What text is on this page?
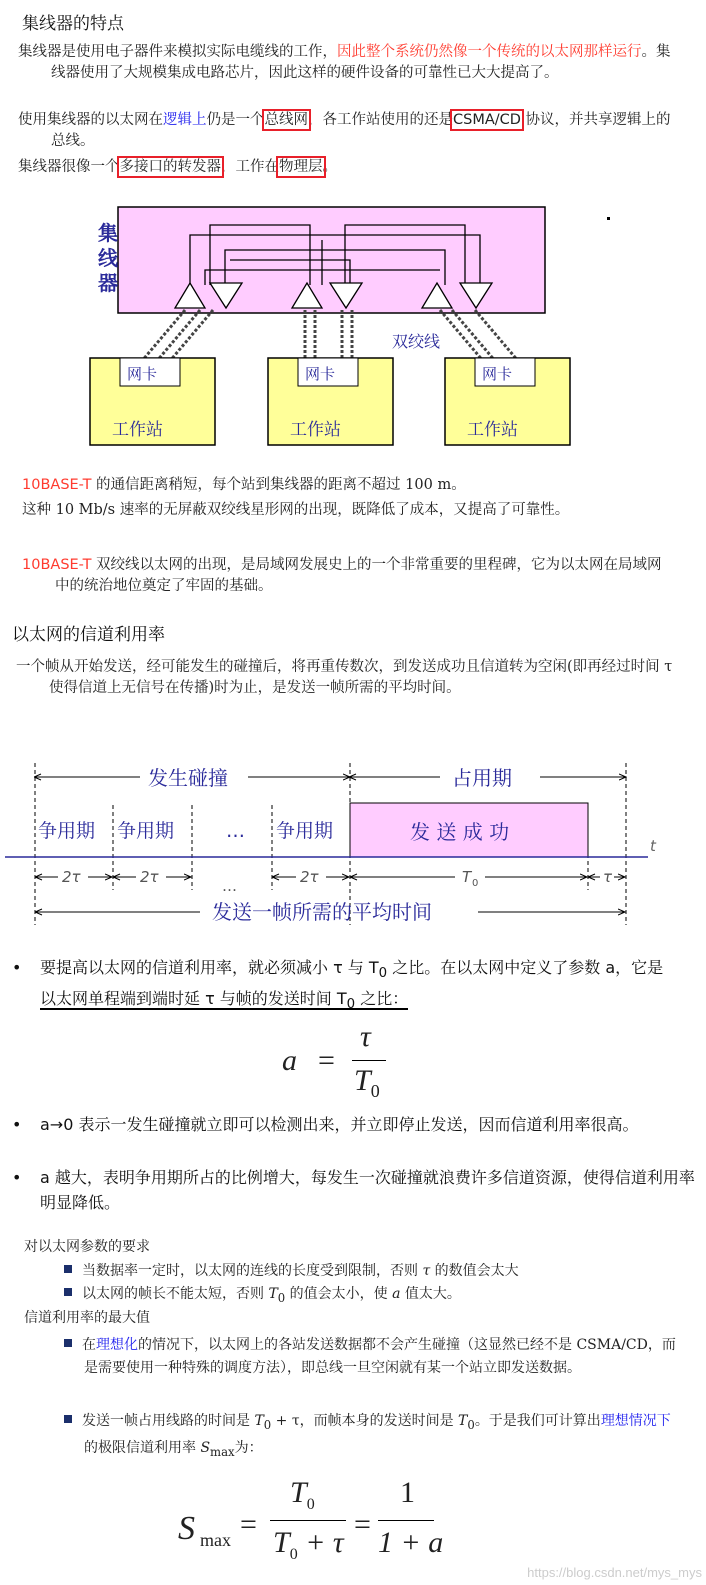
集线器的特点
集线器是使用电子器件来模拟实际电缆线的工作，因此整个系统仍然像一个传统的以太网那样运行。集线器使用了大规模集成电路芯片，因此这样的硬件设备的可靠性已大大提高了。
使用集线器的以太网在逻辑上仍是一个总线网，各工作站使用的还是CSMA/CD 协议，并共享逻辑上的总线。
集线器很像一个多接口的转发器，工作在物理层。
集
线
器
双绞线
网卡
工作站
网卡
工作站
网卡
工作站
10BASE-T 的通信距离稍短，每个站到集线器的距离不超过 100 m。
这种 10 Mb/s 速率的无屏蔽双绞线星形网的出现，既降低了成本，又提高了可靠性。
10BASE-T 双绞线以太网的出现，是局域网发展史上的一个非常重要的里程碑，它为以太网在局域网中的统治地位奠定了牢固的基础。
以太网的信道利用率
一个帧从开始发送，经可能发生的碰撞后，将再重传数次，到发送成功且信道转为空闲(即再经过时间 τ 使得信道上无信号在传播)时为止，是发送一帧所需的平均时间。
发生碰撞	占用期
争用期 争用期	… 争用期	发 送 成 功
t
2τ	2τ	…	2τ	T 0	τ
发送一帧所需的平均时间
• 要提高以太网的信道利用率，就必须减小 τ 与 $T_0$ 之比。在以太网中定义了参数 a，它是以太网单程端到端时延 τ 与帧的发送时间 $T_0$ 之比：
a =
τ
$T_0$
• a→0 表示一发生碰撞就立即可以检测出来，并立即停止发送，因而信道利用率很高。
• a 越大，表明争用期所占的比例增大，每发生一次碰撞就浪费许多信道资源，使得信道利用率明显降低。
对以太网参数的要求
当数据率一定时，以太网的连线的长度受到限制，否则 τ 的数值会太大
以太网的帧长不能太短，否则 $T_0$ 的值会太小，使 a 值太大。
信道利用率的最大值
在理想化的情况下，以太网上的各站发送数据都不会产生碰撞（这显然已经不是 CSMA/CD，而是需要使用一种特殊的调度方法），即总线一旦空闲就有某一个站立即发送数据。
发送一帧占用线路的时间是 $T_0 + \tau$，而帧本身的发送时间是 $T_0$。于是我们可计算出理想情况下的极限信道利用率 $S_{max}$为：
S max =
$T_0$
$T_0 + \tau$
=
1
1 + a
https://blog.csdn.net/mys_mys
